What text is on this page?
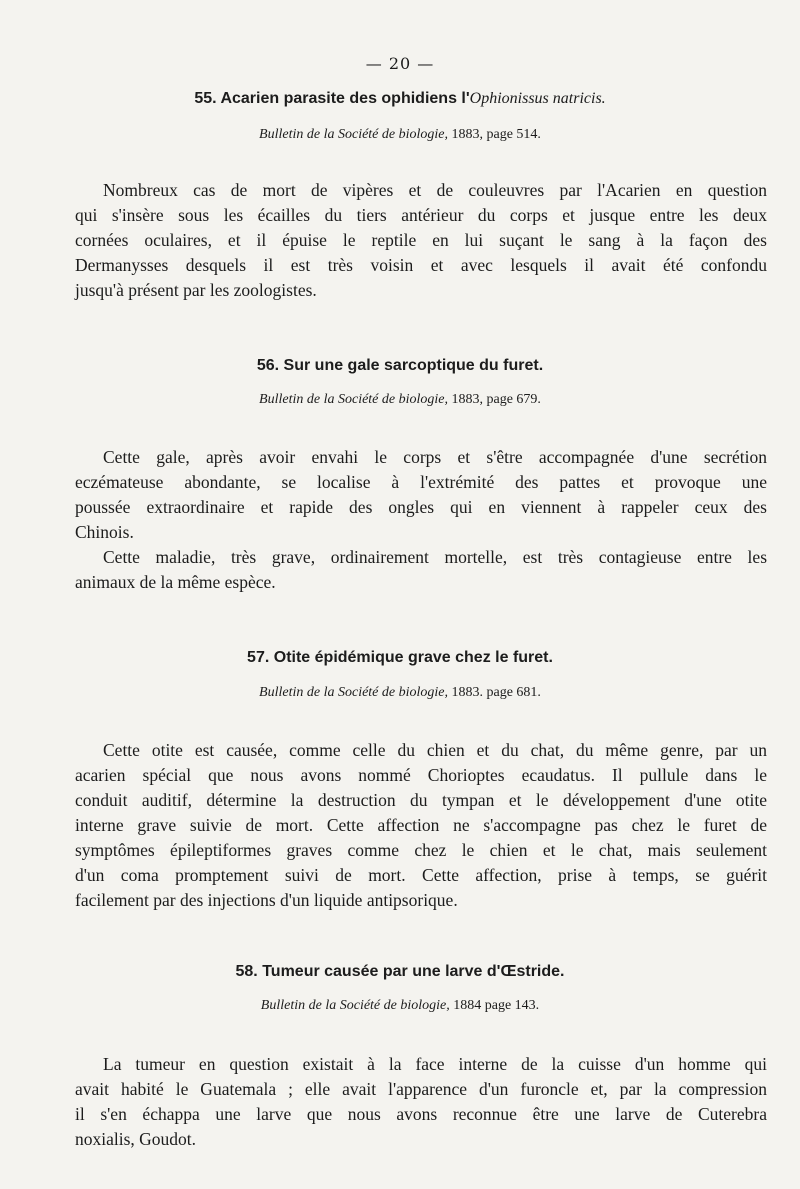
— 20 —
55. Acarien parasite des ophidiens l'Ophionissus natricis.
Bulletin de la Société de biologie, 1883, page 514.
Nombreux cas de mort de vipères et de couleuvres par l'Acarien en question
qui s'insère sous les écailles du tiers antérieur du corps et jusque entre les deux
cornées oculaires, et il épuise le reptile en lui suçant le sang à la façon des
Dermanysses desquels il est très voisin et avec lesquels il avait été confondu
jusqu'à présent par les zoologistes.
56. Sur une gale sarcoptique du furet.
Bulletin de la Société de biologie, 1883, page 679.
Cette gale, après avoir envahi le corps et s'être accompagnée d'une secrétion
eczémateuse abondante, se localise à l'extrémité des pattes et provoque une
poussée extraordinaire et rapide des ongles qui en viennent à rappeler ceux des
Chinois.
Cette maladie, très grave, ordinairement mortelle, est très contagieuse entre les
animaux de la même espèce.
57. Otite épidémique grave chez le furet.
Bulletin de la Société de biologie, 1883. page 681.
Cette otite est causée, comme celle du chien et du chat, du même genre, par un
acarien spécial que nous avons nommé Chorioptes ecaudatus. Il pullule dans le
conduit auditif, détermine la destruction du tympan et le développement d'une otite
interne grave suivie de mort. Cette affection ne s'accompagne pas chez le furet de
symptômes épileptiformes graves comme chez le chien et le chat, mais seulement
d'un coma promptement suivi de mort. Cette affection, prise à temps, se guérit
facilement par des injections d'un liquide antipsorique.
58. Tumeur causée par une larve d'Œstride.
Bulletin de la Société de biologie, 1884 page 143.
La tumeur en question existait à la face interne de la cuisse d'un homme qui
avait habité le Guatemala ; elle avait l'apparence d'un furoncle et, par la compression
il s'en échappa une larve que nous avons reconnue être une larve de Cuterebra
noxialis, Goudot.
